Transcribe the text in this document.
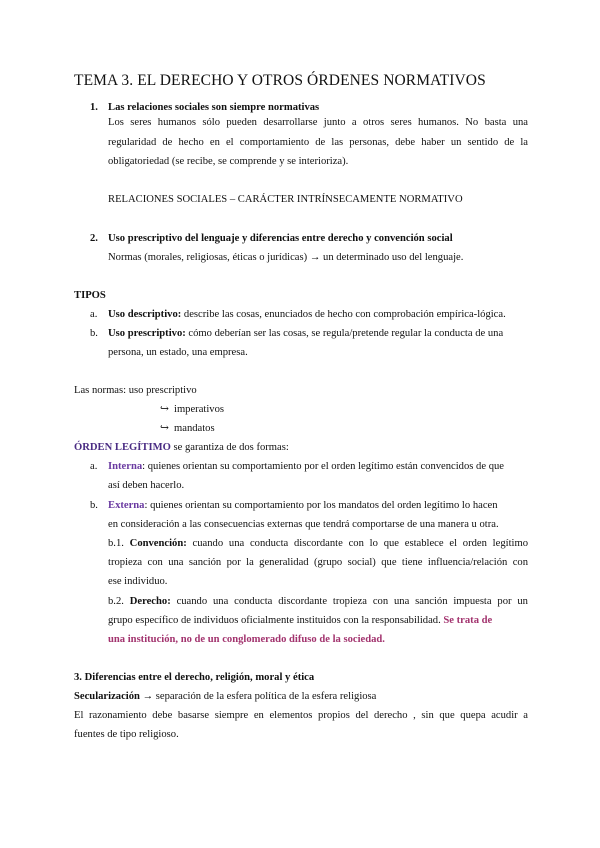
TEMA 3. EL DERECHO Y OTROS ÓRDENES NORMATIVOS
1. Las relaciones sociales son siempre normativas

Los seres humanos sólo pueden desarrollarse junto a otros seres humanos. No basta una

regularidad de hecho en el comportamiento de las personas, debe haber un sentido de la

obligatoriedad (se recibe, se comprende y se interioriza).

RELACIONES SOCIALES – CARÁCTER INTRÍNSECAMENTE NORMATIVO

2. Uso prescriptivo del lenguaje y diferencias entre derecho y convención social

Normas (morales, religiosas, éticas o jurídicas) → un determinado uso del lenguaje.

TIPOS

a. Uso descriptivo: describe las cosas, enunciados de hecho con comprobación empírica-lógica.

b. Uso prescriptivo: cómo deberían ser las cosas, se regula/pretende regular la conducta de una

persona, un estado, una empresa.

Las normas: uso prescriptivo

↪ imperativos

↪ mandatos

ÓRDEN LEGÍTIMO se garantiza de dos formas:

a. Interna: quienes orientan su comportamiento por el orden legítimo están convencidos de que

así deben hacerlo.

b. Externa: quienes orientan su comportamiento por los mandatos del orden legítimo lo hacen

en consideración a las consecuencias externas que tendrá comportarse de una manera u otra.

b.1. Convención: cuando una conducta discordante con lo que establece el orden legítimo

tropieza con una sanción por la generalidad (grupo social) que tiene influencia/relación con

ese individuo.

b.2. Derecho: cuando una conducta discordante tropieza con una sanción impuesta por un

grupo específico de individuos oficialmente instituidos con la responsabilidad. Se trata de

una institución, no de un conglomerado difuso de la sociedad.

3. Diferencias entre el derecho, religión, moral y ética

Secularización → separación de la esfera política de la esfera religiosa

El razonamiento debe basarse siempre en elementos propios del derecho , sin que quepa acudir a

fuentes de tipo religioso.
